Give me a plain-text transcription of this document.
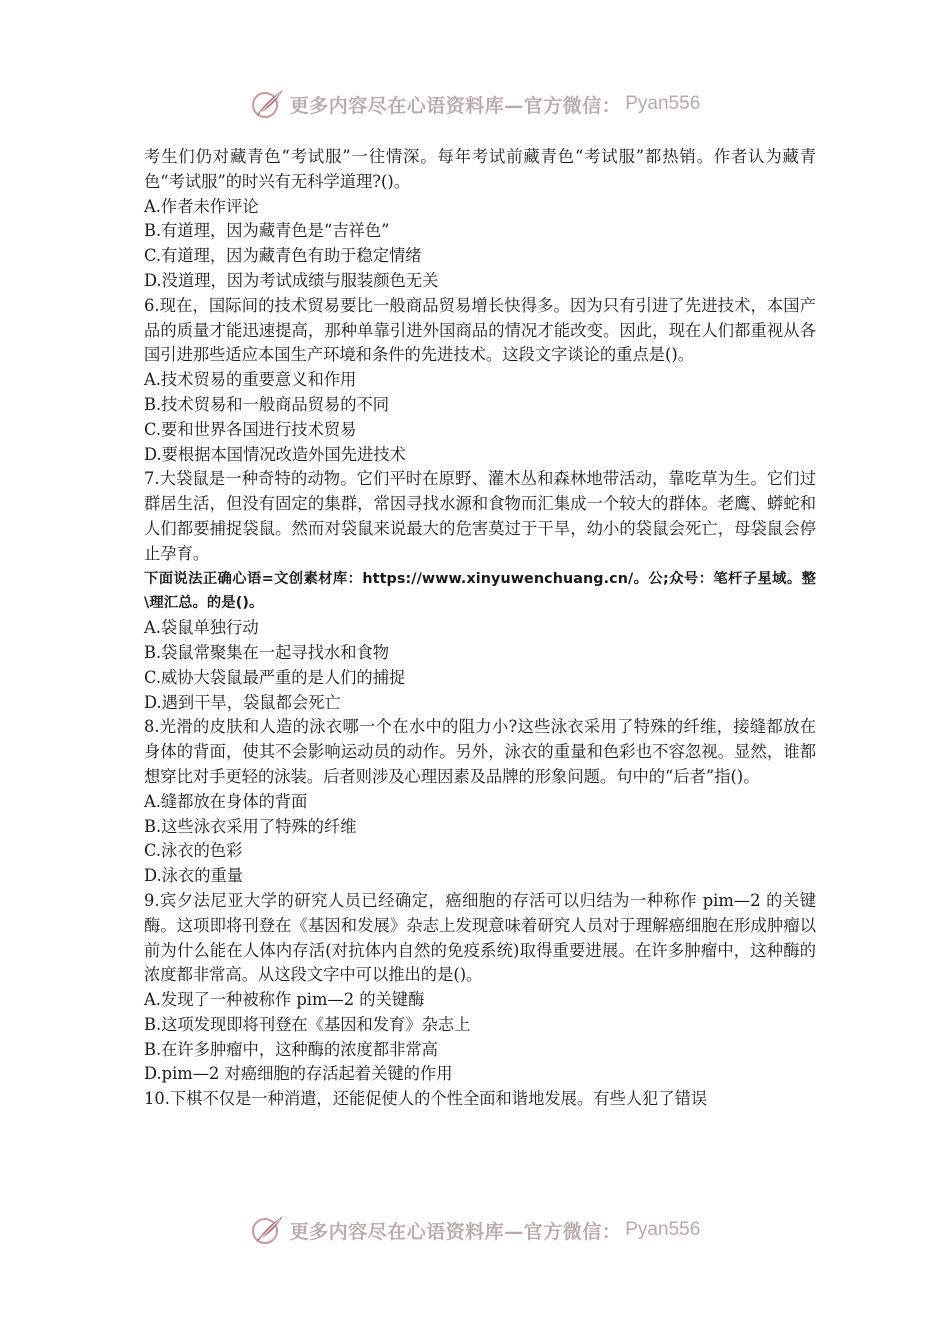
更多内容尽在心语资料库—官方微信： Pyan556

考生们仍对藏青色“考试服”一往情深。每年考试前藏青色“考试服”都热销。作者认为藏青色“考试服”的时兴有无科学道理?()。

A.作者未作评论

B.有道理，因为藏青色是“吉祥色”

C.有道理，因为藏青色有助于稳定情绪

D.没道理，因为考试成绩与服装颜色无关

6.现在，国际间的技术贸易要比一般商品贸易增长快得多。因为只有引进了先进技术，本国产品的质量才能迅速提高，那种单靠引进外国商品的情况才能改变。因此，现在人们都重视从各国引进那些适应本国生产环境和条件的先进技术。这段文字谈论的重点是()。

A.技术贸易的重要意义和作用

B.技术贸易和一般商品贸易的不同

C.要和世界各国进行技术贸易

D.要根据本国情况改造外国先进技术

7.大袋鼠是一种奇特的动物。它们平时在原野、灌木丛和森林地带活动，靠吃草为生。它们过群居生活，但没有固定的集群，常因寻找水源和食物而汇集成一个较大的群体。老鹰、蟒蛇和人们都要捕捉袋鼠。然而对袋鼠来说最大的危害莫过于干旱，幼小的袋鼠会死亡，母袋鼠会停止孕育。

下面说法正确心语=文创素材库：https://www.xinyuwenchuang.cn/。公;众号：笔杆子星域。整\理汇总。的是()。

A.袋鼠单独行动

B.袋鼠常聚集在一起寻找水和食物

C.威协大袋鼠最严重的是人们的捕捉

D.遇到干旱，袋鼠都会死亡

8.光滑的皮肤和人造的泳衣哪一个在水中的阻力小?这些泳衣采用了特殊的纤维，接缝都放在身体的背面，使其不会影响运动员的动作。另外，泳衣的重量和色彩也不容忽视。显然，谁都想穿比对手更轻的泳装。后者则涉及心理因素及品牌的形象问题。句中的“后者”指()。

A.缝都放在身体的背面

B.这些泳衣采用了特殊的纤维

C.泳衣的色彩

D.泳衣的重量

9.宾夕法尼亚大学的研究人员已经确定，癌细胞的存活可以归结为一种称作 pim—2 的关键酶。这项即将刊登在《基因和发展》杂志上发现意味着研究人员对于理解癌细胞在形成肿瘤以前为什么能在人体内存活(对抗体内自然的免疫系统)取得重要进展。在许多肿瘤中，这种酶的浓度都非常高。从这段文字中可以推出的是()。

A.发现了一种被称作 pim—2 的关键酶

B.这项发现即将刊登在《基因和发育》杂志上

B.在许多肿瘤中，这种酶的浓度都非常高

D.pim—2 对癌细胞的存活起着关键的作用

10.下棋不仅是一种消遣，还能促使人的个性全面和谐地发展。有些人犯了错误

更多内容尽在心语资料库—官方微信： Pyan556
